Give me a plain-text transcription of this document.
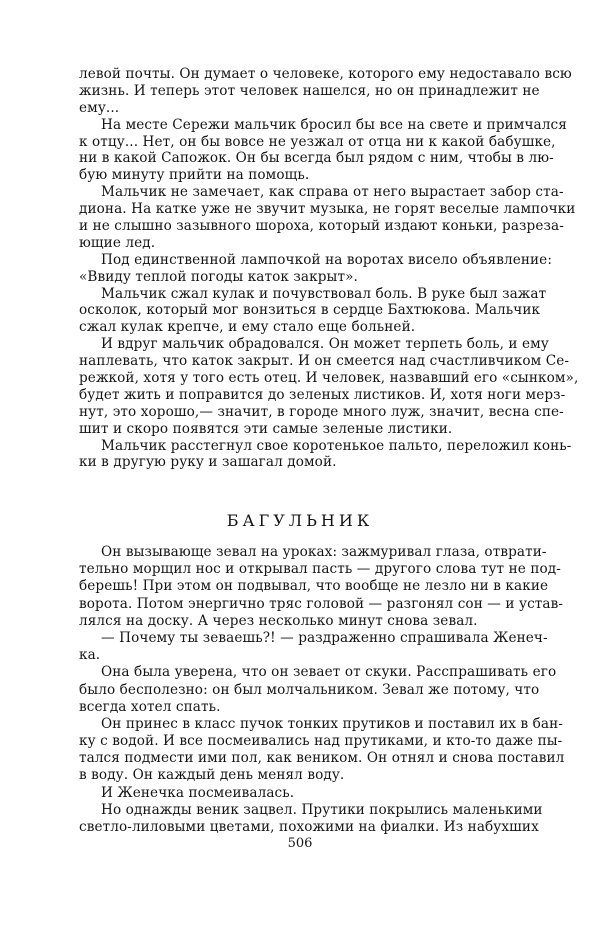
левой почты. Он думает о человеке, которого ему недоставало всю
жизнь. И теперь этот человек нашелся, но он принадлежит не
ему...
На месте Сережи мальчик бросил бы все на свете и примчался
к отцу... Нет, он бы вовсе не уезжал от отца ни к какой бабушке,
ни в какой Сапожок. Он бы всегда был рядом с ним, чтобы в лю-
бую минуту прийти на помощь.
Мальчик не замечает, как справа от него вырастает забор ста-
диона. На катке уже не звучит музыка, не горят веселые лампочки
и не слышно зазывного шороха, который издают коньки, разреза-
ющие лед.
Под единственной лампочкой на воротах висело объявление:
«Ввиду теплой погоды каток закрыт».
Мальчик сжал кулак и почувствовал боль. В руке был зажат
осколок, который мог вонзиться в сердце Бахтюкова. Мальчик
сжал кулак крепче, и ему стало еще больней.
И вдруг мальчик обрадовался. Он может терпеть боль, и ему
наплевать, что каток закрыт. И он смеется над счастливчиком Се-
режкой, хотя у того есть отец. И человек, назвавший его «сынком»,
будет жить и поправится до зеленых листиков. И, хотя ноги мерз-
нут, это хорошо,— значит, в городе много луж, значит, весна спе-
шит и скоро появятся эти самые зеленые листики.
Мальчик расстегнул свое коротенькое пальто, переложил конь-
ки в другую руку и зашагал домой.
БАГУЛЬНИК
Он вызывающе зевал на уроках: зажмуривал глаза, отврати-
тельно морщил нос и открывал пасть — другого слова тут не под-
берешь! При этом он подвывал, что вообще не лезло ни в какие
ворота. Потом энергично тряс головой — разгонял сон — и устав-
лялся на доску. А через несколько минут снова зевал.
— Почему ты зеваешь?! — раздраженно спрашивала Женеч-
ка.
Она была уверена, что он зевает от скуки. Расспрашивать его
было бесполезно: он был молчальником. Зевал же потому, что
всегда хотел спать.
Он принес в класс пучок тонких прутиков и поставил их в бан-
ку с водой. И все посмеивались над прутиками, и кто-то даже пы-
тался подмести ими пол, как веником. Он отнял и снова поставил
в воду. Он каждый день менял воду.
И Женечка посмеивалась.
Но однажды веник зацвел. Прутики покрылись маленькими
светло-лиловыми цветами, похожими на фиалки. Из набухших
506
